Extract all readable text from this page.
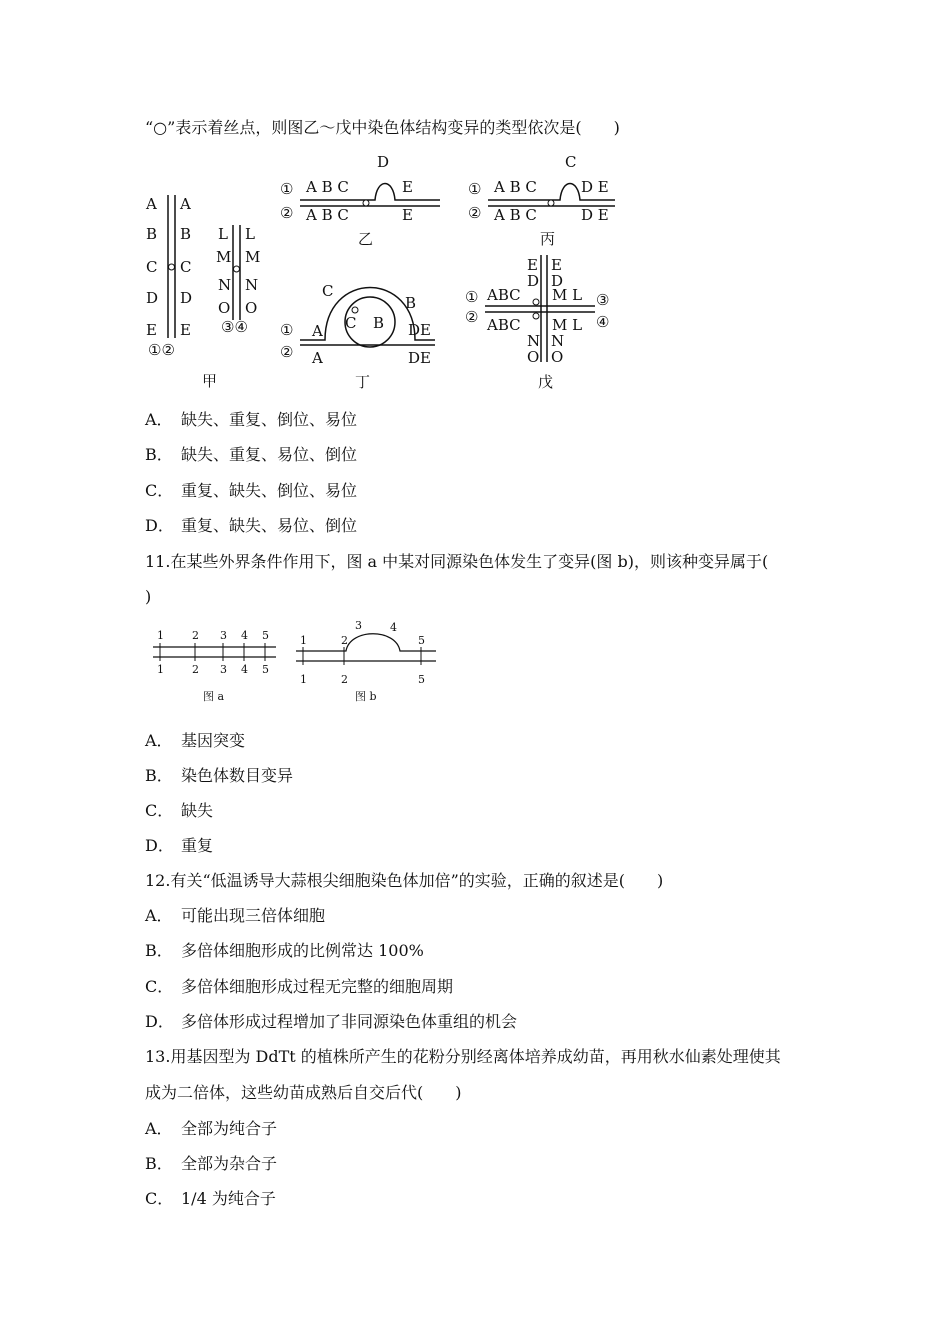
“○”表示着丝点，则图乙～戊中染色体结构变异的类型依次是(　　)
A
B
C
D
E
A
B
C
D
E
①②
L
M
N
O
L
M
N
O
③④
甲
①
②
A B C
D
E
A B C	E
乙
①
②
A B C
C
D E
A B C	D E
丙
①
②
A
A
C
C B
B
DE
DE
丁
①
②
③
④
ABC M L
ABC M L
E
D
E
D
N
O
N
O
戊
A． 缺失、重复、倒位、易位
B． 缺失、重复、易位、倒位
C． 重复、缺失、倒位、易位
D． 重复、缺失、易位、倒位
11.在某些外界条件作用下，图 a 中某对同源染色体发生了变异(图 b)，则该种变异属于(
)
1	2 3 4 5
1	2 3 4 5
图 a
1	2
3	4
5
1	2	5
图 b
A． 基因突变
B． 染色体数目变异
C． 缺失
D． 重复
12.有关“低温诱导大蒜根尖细胞染色体加倍”的实验，正确的叙述是(　　)
A． 可能出现三倍体细胞
B． 多倍体细胞形成的比例常达 100%
C． 多倍体细胞形成过程无完整的细胞周期
D． 多倍体形成过程增加了非同源染色体重组的机会
13.用基因型为 DdTt 的植株所产生的花粉分别经离体培养成幼苗，再用秋水仙素处理使其
成为二倍体，这些幼苗成熟后自交后代(　　)
A． 全部为纯合子
B． 全部为杂合子
C． 1/4 为纯合子
